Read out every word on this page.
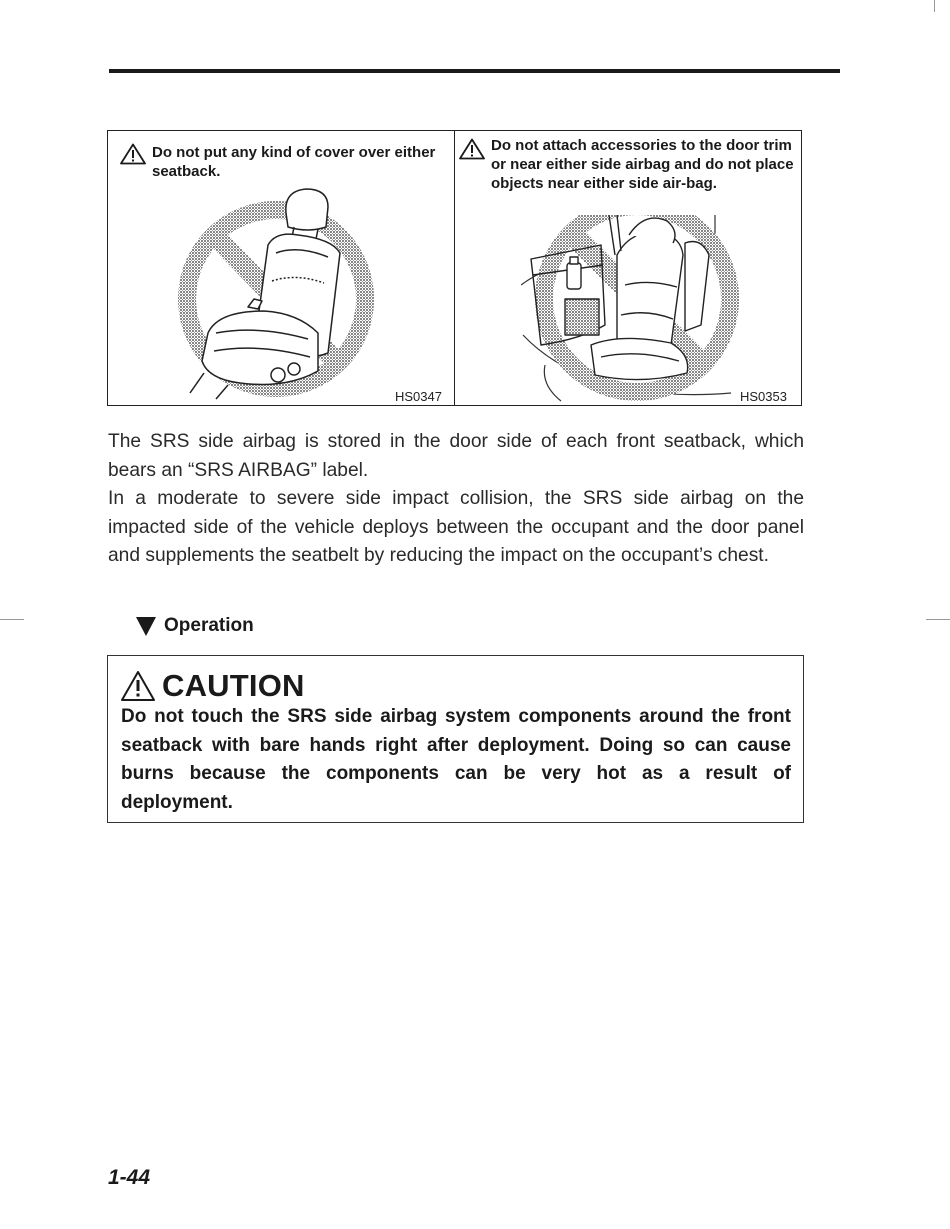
Do not put any kind of cover over either seatback.
HS0347
Do not attach accessories to the door trim or near either side airbag and do not place objects near either side air-bag.
HS0353

The SRS side airbag is stored in the door side of each front seatback, which bears an “SRS AIRBAG” label.

In a moderate to severe side impact collision, the SRS side airbag on the impacted side of the vehicle deploys between the occupant and the door panel and supplements the seatbelt by reducing the impact on the occupant’s chest.

Operation
CAUTION
Do not touch the SRS side airbag system components around the front seatback with bare hands right after deployment. Doing so can cause burns because the components can be very hot as a result of deployment.
1-44
